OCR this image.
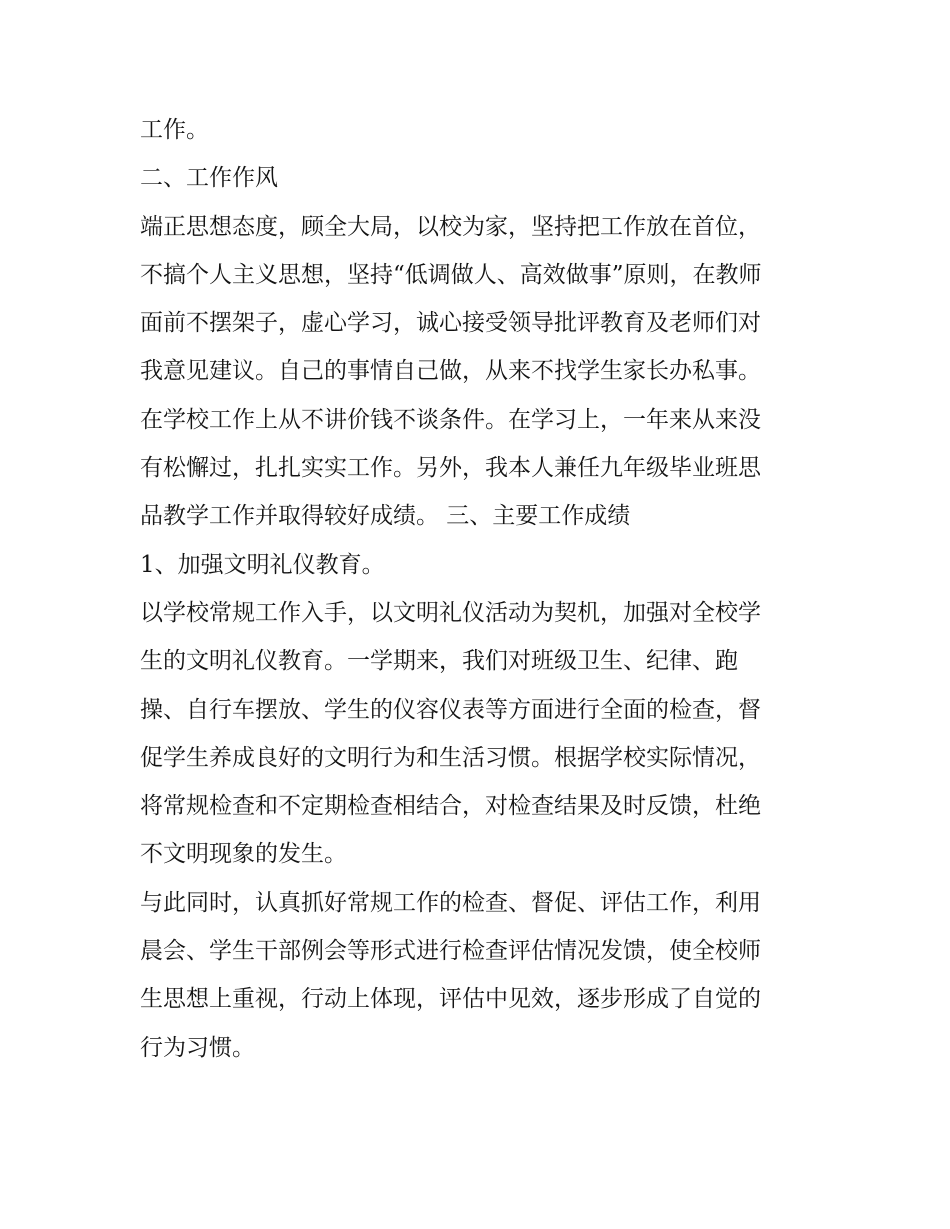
工作。
二、工作作风
端正思想态度，顾全大局，以校为家，坚持把工作放在首位，
不搞个人主义思想，坚持“低调做人、高效做事”原则，在教师
面前不摆架子，虚心学习，诚心接受领导批评教育及老师们对
我意见建议。自己的事情自己做，从来不找学生家长办私事。
在学校工作上从不讲价钱不谈条件。在学习上，一年来从来没
有松懈过，扎扎实实工作。另外，我本人兼任九年级毕业班思
品教学工作并取得较好成绩。 三、主要工作成绩
1、加强文明礼仪教育。
以学校常规工作入手，以文明礼仪活动为契机，加强对全校学
生的文明礼仪教育。一学期来，我们对班级卫生、纪律、跑
操、自行车摆放、学生的仪容仪表等方面进行全面的检查，督
促学生养成良好的文明行为和生活习惯。根据学校实际情况，
将常规检查和不定期检查相结合，对检查结果及时反馈，杜绝
不文明现象的发生。
与此同时，认真抓好常规工作的检查、督促、评估工作，利用
晨会、学生干部例会等形式进行检查评估情况发馈，使全校师
生思想上重视，行动上体现，评估中见效，逐步形成了自觉的
行为习惯。
